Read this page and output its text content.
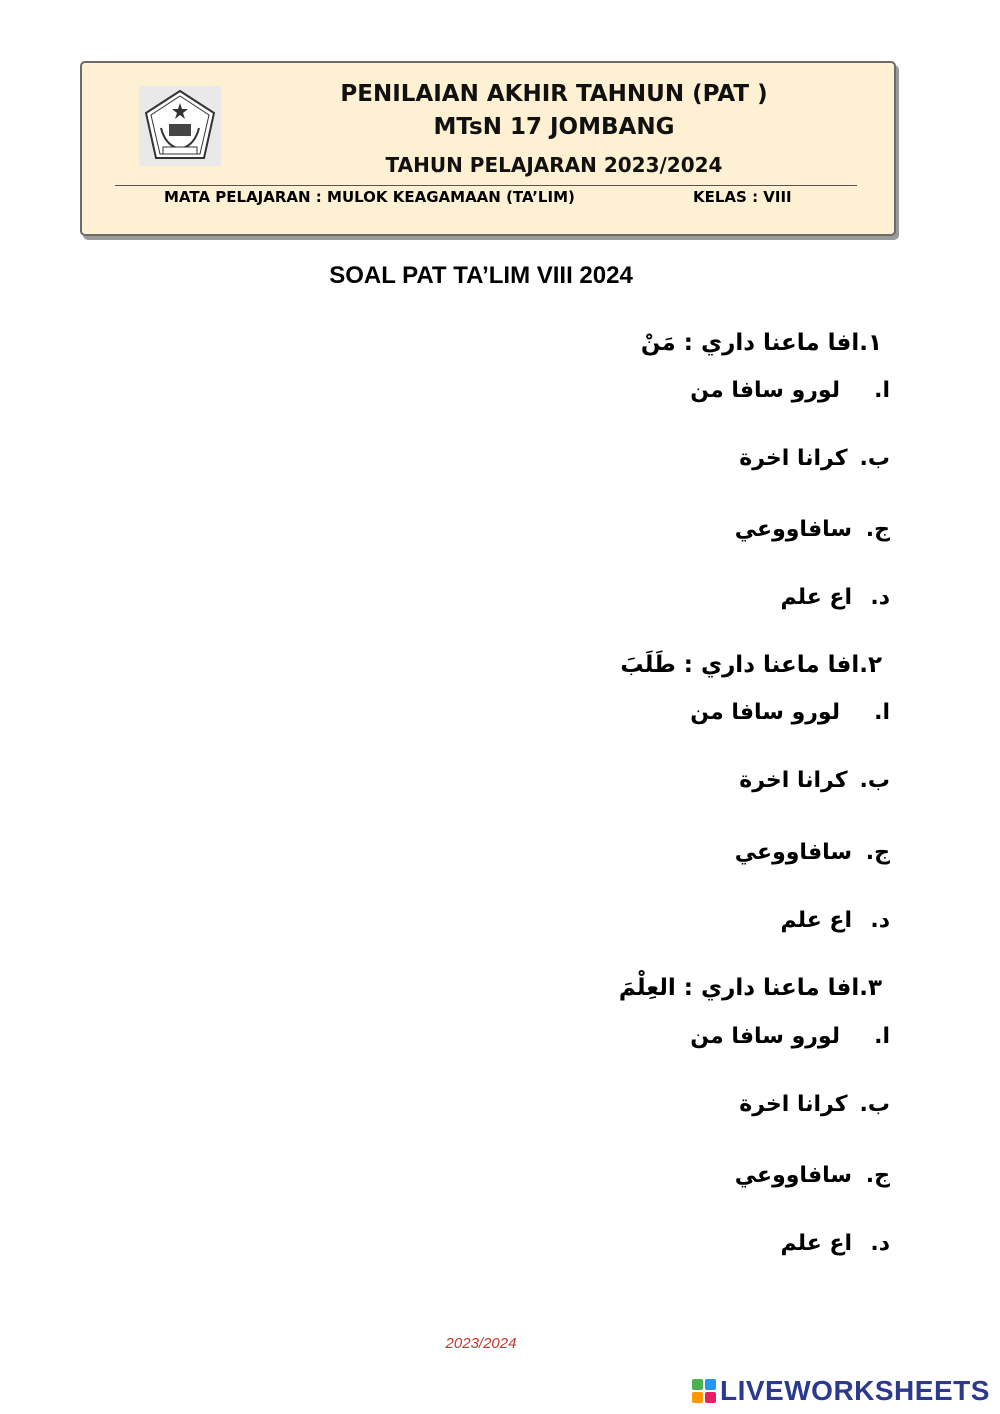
PENILAIAN AKHIR TAHNUN (PAT )
MTsN 17 JOMBANG
TAHUN PELAJARAN 2023/2024
MATA PELAJARAN : MULOK KEAGAMAAN (TA’LIM)	KELAS : VIII
SOAL PAT TA’LIM VIII 2024
١.افا ماعنا داري : مَنْ
ا.لورو سافا من
ب.كرانا اخرة
ج.سافاووعي
د.اع علم
٢.افا ماعنا داري : طَلَبَ
ا.لورو سافا من
ب.كرانا اخرة
ج.سافاووعي
د.اع علم
٣.افا ماعنا داري : العِلْمَ
ا.لورو سافا من
ب.كرانا اخرة
ج.سافاووعي
د.اع علم
2023/2024
LIVEWORKSHEETS
